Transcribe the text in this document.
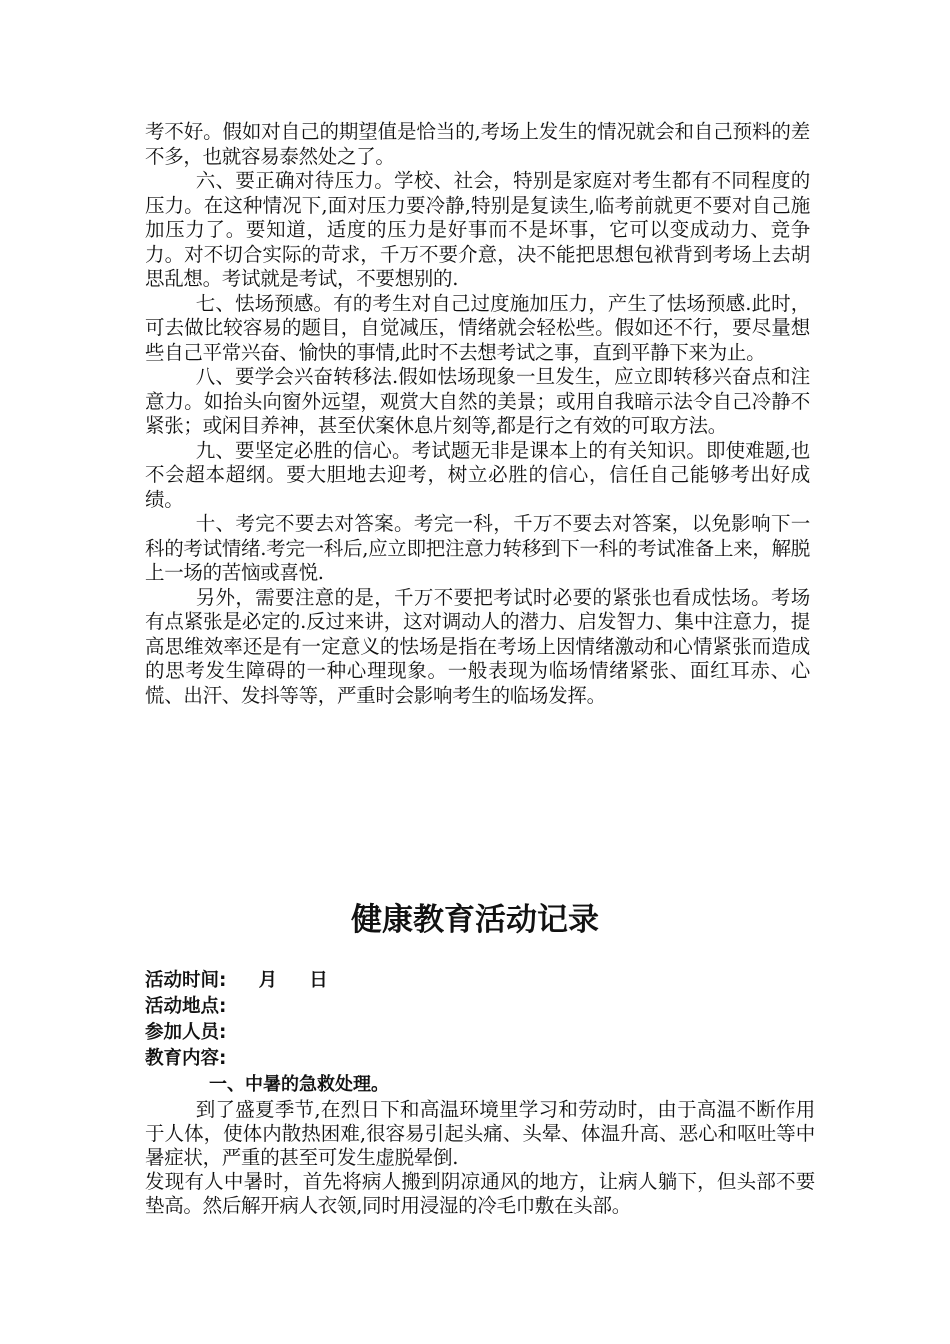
考不好。假如对自己的期望值是恰当的,考场上发生的情况就会和自己预料的差不多，也就容易泰然处之了。

六、要正确对待压力。学校、社会，特别是家庭对考生都有不同程度的压力。在这种情况下,面对压力要冷静,特别是复读生,临考前就更不要对自己施加压力了。要知道，适度的压力是好事而不是坏事，它可以变成动力、竞争力。对不切合实际的苛求，千万不要介意，决不能把思想包袱背到考场上去胡思乱想。考试就是考试，不要想别的.

七、怯场预感。有的考生对自己过度施加压力，产生了怯场预感.此时，可去做比较容易的题目，自觉减压，情绪就会轻松些。假如还不行，要尽量想些自己平常兴奋、愉快的事情,此时不去想考试之事，直到平静下来为止。

八、要学会兴奋转移法.假如怯场现象一旦发生，应立即转移兴奋点和注意力。如抬头向窗外远望，观赏大自然的美景；或用自我暗示法令自己冷静不紧张；或闲目养神，甚至伏案休息片刻等,都是行之有效的可取方法。

九、要坚定必胜的信心。考试题无非是课本上的有关知识。即使难题,也不会超本超纲。要大胆地去迎考，树立必胜的信心，信任自己能够考出好成绩。

十、考完不要去对答案。考完一科，千万不要去对答案，以免影响下一科的考试情绪.考完一科后,应立即把注意力转移到下一科的考试准备上来，解脱上一场的苦恼或喜悦.

另外，需要注意的是，千万不要把考试时必要的紧张也看成怯场。考场有点紧张是必定的.反过来讲，这对调动人的潜力、启发智力、集中注意力，提高思维效率还是有一定意义的怯场是指在考场上因情绪激动和心情紧张而造成的思考发生障碍的一种心理现象。一般表现为临场情绪紧张、面红耳赤、心慌、出汗、发抖等等，严重时会影响考生的临场发挥。

健康教育活动记录

活动时间:     月     日

活动地点:

参加人员:

教育内容:

一、中暑的急救处理。

到了盛夏季节,在烈日下和高温环境里学习和劳动时，由于高温不断作用于人体，使体内散热困难,很容易引起头痛、头晕、体温升高、恶心和呕吐等中暑症状，严重的甚至可发生虚脱晕倒.

发现有人中暑时，首先将病人搬到阴凉通风的地方，让病人躺下，但头部不要垫高。然后解开病人衣领,同时用浸湿的冷毛巾敷在头部。
